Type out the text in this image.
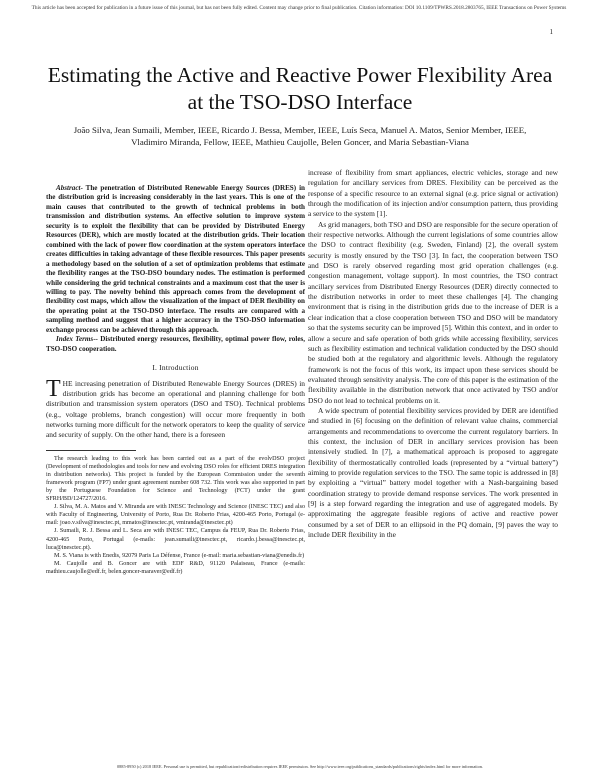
This article has been accepted for publication in a future issue of this journal, but has not been fully edited. Content may change prior to final publication. Citation information: DOI 10.1109/TPWRS.2018.2803765, IEEE Transactions on Power Systems
1
Estimating the Active and Reactive Power Flexibility Area at the TSO-DSO Interface
João Silva, Jean Sumaili, Member, IEEE, Ricardo J. Bessa, Member, IEEE, Luís Seca, Manuel A. Matos, Senior Member, IEEE, Vladimiro Miranda, Fellow, IEEE, Mathieu Caujolle, Belen Goncer, and Maria Sebastian-Viana

Abstract- The penetration of Distributed Renewable Energy Sources (DRES) in the distribution grid is increasing considerably in the last years. This is one of the main causes that contributed to the growth of technical problems in both transmission and distribution systems. An effective solution to improve system security is to exploit the flexibility that can be provided by Distributed Energy Resources (DER), which are mostly located at the distribution grids. Their location combined with the lack of power flow coordination at the system operators interface creates difficulties in taking advantage of these flexible resources. This paper presents a methodology based on the solution of a set of optimization problems that estimate the flexibility ranges at the TSO-DSO boundary nodes. The estimation is performed while considering the grid technical constraints and a maximum cost that the user is willing to pay. The novelty behind this approach comes from the development of flexibility cost maps, which allow the visualization of the impact of DER flexibility on the operating point at the TSO-DSO interface. The results are compared with a sampling method and suggest that a higher accuracy in the TSO-DSO information exchange process can be achieved through this approach.

Index Terms-- Distributed energy resources, flexibility, optimal power flow, roles, TSO-DSO cooperation.

I. Introduction

THE increasing penetration of Distributed Renewable Energy Sources (DRES) in distribution grids has become an operational and planning challenge for both distribution and transmission system operators (DSO and TSO). Technical problems (e.g., voltage problems, branch congestion) will occur more frequently in both networks turning more difficult for the network operators to keep the quality of service and security of supply. On the other hand, there is a foreseen

The research leading to this work has been carried out as a part of the evolvDSO project (Development of methodologies and tools for new and evolving DSO roles for efficient DRES integration in distribution networks). This project is funded by the European Commission under the seventh framework program (FP7) under grant agreement number 608 732. This work was also supported in part by the Portuguese Foundation for Science and Technology (FCT) under the grant SFRH/BD/124727/2016.

J. Silva, M. A. Matos and V. Miranda are with INESC Technology and Science (INESC TEC) and also with Faculty of Engineering, University of Porto, Rua Dr. Roberto Frias, 4200-465 Porto, Portugal (e-mail: joao.v.silva@inesctec.pt, mmatos@inesctec.pt, vmiranda@inesctec.pt)

J. Sumaili, R. J. Bessa and L. Seca are with INESC TEC, Campus da FEUP, Rua Dr. Roberto Frias, 4200-465 Porto, Portugal (e-mails: jean.sumaili@inesctec.pt, ricardo.j.bessa@inesctec.pt, luca@inesctec.pt).

M. S. Viana is with Enedis, 92079 Paris La Défense, France (e-mail: maria.sebastian-viana@enedis.fr)

M. Caujolle and B. Goncer are with EDF R&D, 91120 Palaiseau, France (e-mails: mathieu.caujolle@edf.fr, belen.goncer-maraver@edf.fr)

increase of flexibility from smart appliances, electric vehicles, storage and new regulation for ancillary services from DRES. Flexibility can be perceived as the response of a specific resource to an external signal (e.g. price signal or activation) through the modification of its injection and/or consumption pattern, thus providing a service to the system [1].

As grid managers, both TSO and DSO are responsible for the secure operation of their respective networks. Although the current legislations of some countries allow the DSO to contract flexibility (e.g. Sweden, Finland) [2], the overall system security is mostly ensured by the TSO [3]. In fact, the cooperation between TSO and DSO is rarely observed regarding most grid operation challenges (e.g. congestion management, voltage support). In most countries, the TSO contract ancillary services from Distributed Energy Resources (DER) directly connected to the distribution networks in order to meet these challenges [4]. The changing environment that is rising in the distribution grids due to the increase of DER is a clear indication that a close cooperation between TSO and DSO will be mandatory so that the systems security can be improved [5]. Within this context, and in order to allow a secure and safe operation of both grids while accessing flexibility, services such as flexibility estimation and technical validation conducted by the DSO should be studied both at the regulatory and algorithmic levels. Although the regulatory framework is not the focus of this work, its impact upon these services should be evaluated through sensitivity analysis. The core of this paper is the estimation of the flexibility available in the distribution network that once activated by TSO and/or DSO do not lead to technical problems on it.

A wide spectrum of potential flexibility services provided by DER are identified and studied in [6] focusing on the definition of relevant value chains, commercial arrangements and recommendations to overcome the current regulatory barriers. In this context, the inclusion of DER in ancillary services provision has been intensively studied. In [7], a mathematical approach is proposed to aggregate flexibility of thermostatically controlled loads (represented by a “virtual battery”) aiming to provide regulation services to the TSO. The same topic is addressed in [8] by exploiting a “virtual” battery model together with a Nash-bargaining based coordination strategy to provide demand response services. The work presented in [9] is a step forward regarding the integration and use of aggregated models. By approximating the aggregate feasible regions of active and reactive power consumed by a set of DER to an ellipsoid in the PQ domain, [9] paves the way to include DER flexibility in the

0885-8950 (c) 2018 IEEE. Personal use is permitted, but republication/redistribution requires IEEE permission. See http://www.ieee.org/publications_standards/publications/rights/index.html for more information.
